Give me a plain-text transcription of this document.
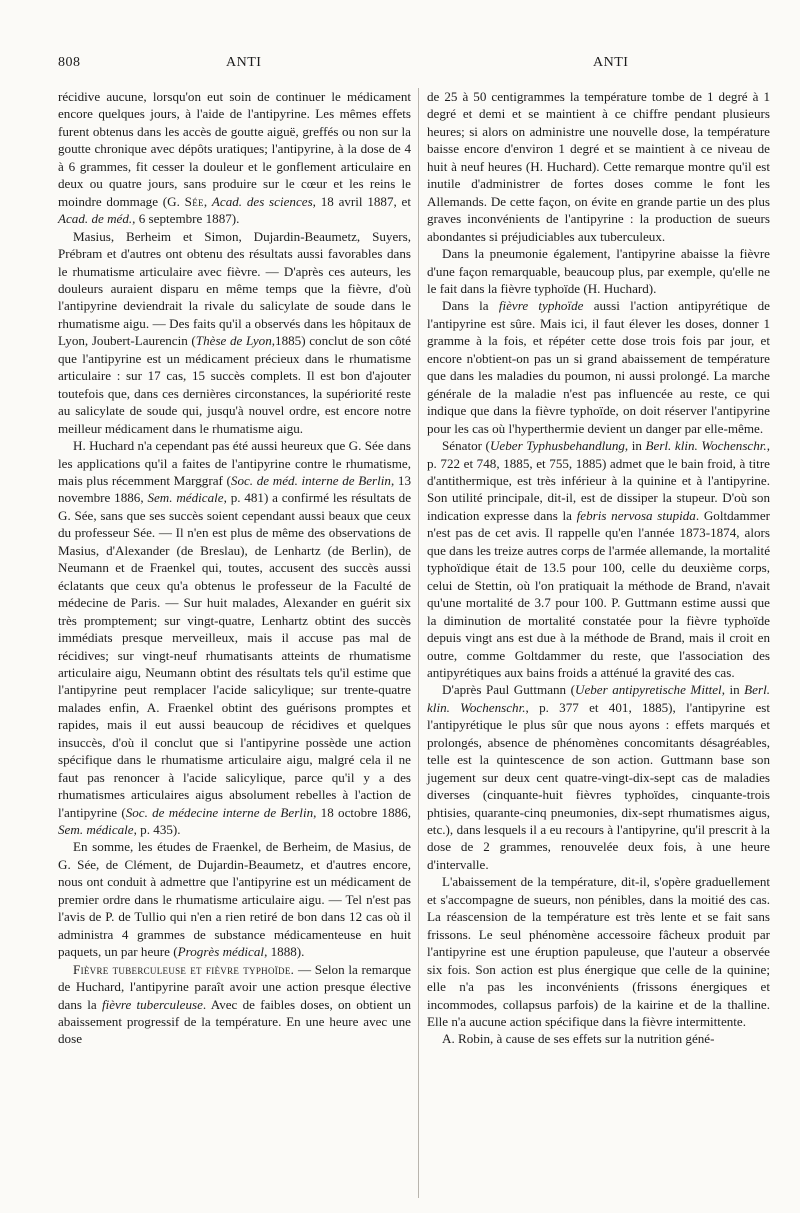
808	ANTI	ANTI

récidive aucune, lorsqu'on eut soin de continuer le médicament encore quelques jours, à l'aide de l'antipyrine. Les mêmes effets furent obtenus dans les accès de goutte aiguë, greffés ou non sur la goutte chronique avec dépôts uratiques; l'antipyrine, à la dose de 4 à 6 grammes, fit cesser la douleur et le gonflement articulaire en deux ou quatre jours, sans produire sur le cœur et les reins le moindre dommage (G. Sée, Acad. des sciences, 18 avril 1887, et Acad. de méd., 6 septembre 1887).

Masius, Berheim et Simon, Dujardin-Beaumetz, Suyers, Prébram et d'autres ont obtenu des résultats aussi favorables dans le rhumatisme articulaire avec fièvre. — D'après ces auteurs, les douleurs auraient disparu en même temps que la fièvre, d'où l'antipyrine deviendrait la rivale du salicylate de soude dans le rhumatisme aigu. — Des faits qu'il a observés dans les hôpitaux de Lyon, Joubert-Laurencin (Thèse de Lyon,1885) conclut de son côté que l'antipyrine est un médicament précieux dans le rhumatisme articulaire : sur 17 cas, 15 succès complets. Il est bon d'ajouter toutefois que, dans ces dernières circonstances, la supériorité reste au salicylate de soude qui, jusqu'à nouvel ordre, est encore notre meilleur médicament dans le rhumatisme aigu.

H. Huchard n'a cependant pas été aussi heureux que G. Sée dans les applications qu'il a faites de l'antipyrine contre le rhumatisme, mais plus récemment Marggraf (Soc. de méd. interne de Berlin, 13 novembre 1886, Sem. médicale, p. 481) a confirmé les résultats de G. Sée, sans que ses succès soient cependant aussi beaux que ceux du professeur Sée. — Il n'en est plus de même des observations de Masius, d'Alexander (de Breslau), de Lenhartz (de Berlin), de Neumann et de Fraenkel qui, toutes, accusent des succès aussi éclatants que ceux qu'a obtenus le professeur de la Faculté de médecine de Paris. — Sur huit malades, Alexander en guérit six très promptement; sur vingt-quatre, Lenhartz obtint des succès immédiats presque merveilleux, mais il accuse pas mal de récidives; sur vingt-neuf rhumatisants atteints de rhumatisme articulaire aigu, Neumann obtint des résultats tels qu'il estime que l'antipyrine peut remplacer l'acide salicylique; sur trente-quatre malades enfin, A. Fraenkel obtint des guérisons promptes et rapides, mais il eut aussi beaucoup de récidives et quelques insuccès, d'où il conclut que si l'antipyrine possède une action spécifique dans le rhumatisme articulaire aigu, malgré cela il ne faut pas renoncer à l'acide salicylique, parce qu'il y a des rhumatismes articulaires aigus absolument rebelles à l'action de l'antipyrine (Soc. de médecine interne de Berlin, 18 octobre 1886, Sem. médicale, p. 435).

En somme, les études de Fraenkel, de Berheim, de Masius, de G. Sée, de Clément, de Dujardin-Beaumetz, et d'autres encore, nous ont conduit à admettre que l'antipyrine est un médicament de premier ordre dans le rhumatisme articulaire aigu. — Tel n'est pas l'avis de P. de Tullio qui n'en a rien retiré de bon dans 12 cas où il administra 4 grammes de substance médicamenteuse en huit paquets, un par heure (Progrès médical, 1888).

Fièvre tuberculeuse et fièvre typhoïde. — Selon la remarque de Huchard, l'antipyrine paraît avoir une action presque élective dans la fièvre tuberculeuse. Avec de faibles doses, on obtient un abaissement progressif de la température. En une heure avec une dose

de 25 à 50 centigrammes la température tombe de 1 degré à 1 degré et demi et se maintient à ce chiffre pendant plusieurs heures; si alors on administre une nouvelle dose, la température baisse encore d'environ 1 degré et se maintient à ce niveau de huit à neuf heures (H. Huchard). Cette remarque montre qu'il est inutile d'administrer de fortes doses comme le font les Allemands. De cette façon, on évite en grande partie un des plus graves inconvénients de l'antipyrine : la production de sueurs abondantes si préjudiciables aux tuberculeux.

Dans la pneumonie également, l'antipyrine abaisse la fièvre d'une façon remarquable, beaucoup plus, par exemple, qu'elle ne le fait dans la fièvre typhoïde (H. Huchard).

Dans la fièvre typhoïde aussi l'action antipyrétique de l'antipyrine est sûre. Mais ici, il faut élever les doses, donner 1 gramme à la fois, et répéter cette dose trois fois par jour, et encore n'obtient-on pas un si grand abaissement de température que dans les maladies du poumon, ni aussi prolongé. La marche générale de la maladie n'est pas influencée au reste, ce qui indique que dans la fièvre typhoïde, on doit réserver l'antipyrine pour les cas où l'hyperthermie devient un danger par elle-même.

Sénator (Ueber Typhusbehandlung, in Berl. klin. Wochenschr., p. 722 et 748, 1885, et 755, 1885) admet que le bain froid, à titre d'antithermique, est très inférieur à la quinine et à l'antipyrine. Son utilité principale, dit-il, est de dissiper la stupeur. D'où son indication expresse dans la febris nervosa stupida. Goltdammer n'est pas de cet avis. Il rappelle qu'en l'année 1873-1874, alors que dans les treize autres corps de l'armée allemande, la mortalité typhoïdique était de 13.5 pour 100, celle du deuxième corps, celui de Stettin, où l'on pratiquait la méthode de Brand, n'avait qu'une mortalité de 3.7 pour 100. P. Guttmann estime aussi que la diminution de mortalité constatée pour la fièvre typhoïde depuis vingt ans est due à la méthode de Brand, mais il croit en outre, comme Goltdammer du reste, que l'association des antipyrétiques aux bains froids a atténué la gravité des cas.

D'après Paul Guttmann (Ueber antipyretische Mittel, in Berl. klin. Wochenschr., p. 377 et 401, 1885), l'antipyrine est l'antipyrétique le plus sûr que nous ayons : effets marqués et prolongés, absence de phénomènes concomitants désagréables, telle est la quintescence de son action. Guttmann base son jugement sur deux cent quatre-vingt-dix-sept cas de maladies diverses (cinquante-huit fièvres typhoïdes, cinquante-trois phtisies, quarante-cinq pneumonies, dix-sept rhumatismes aigus, etc.), dans lesquels il a eu recours à l'antipyrine, qu'il prescrit à la dose de 2 grammes, renouvelée deux fois, à une heure d'intervalle.

L'abaissement de la température, dit-il, s'opère graduellement et s'accompagne de sueurs, non pénibles, dans la moitié des cas. La réascension de la température est très lente et se fait sans frissons. Le seul phénomène accessoire fâcheux produit par l'antipyrine est une éruption papuleuse, que l'auteur a observée six fois. Son action est plus énergique que celle de la quinine; elle n'a pas les inconvénients (frissons énergiques et incommodes, collapsus parfois) de la kairine et de la thalline. Elle n'a aucune action spécifique dans la fièvre intermittente.

A. Robin, à cause de ses effets sur la nutrition géné-
